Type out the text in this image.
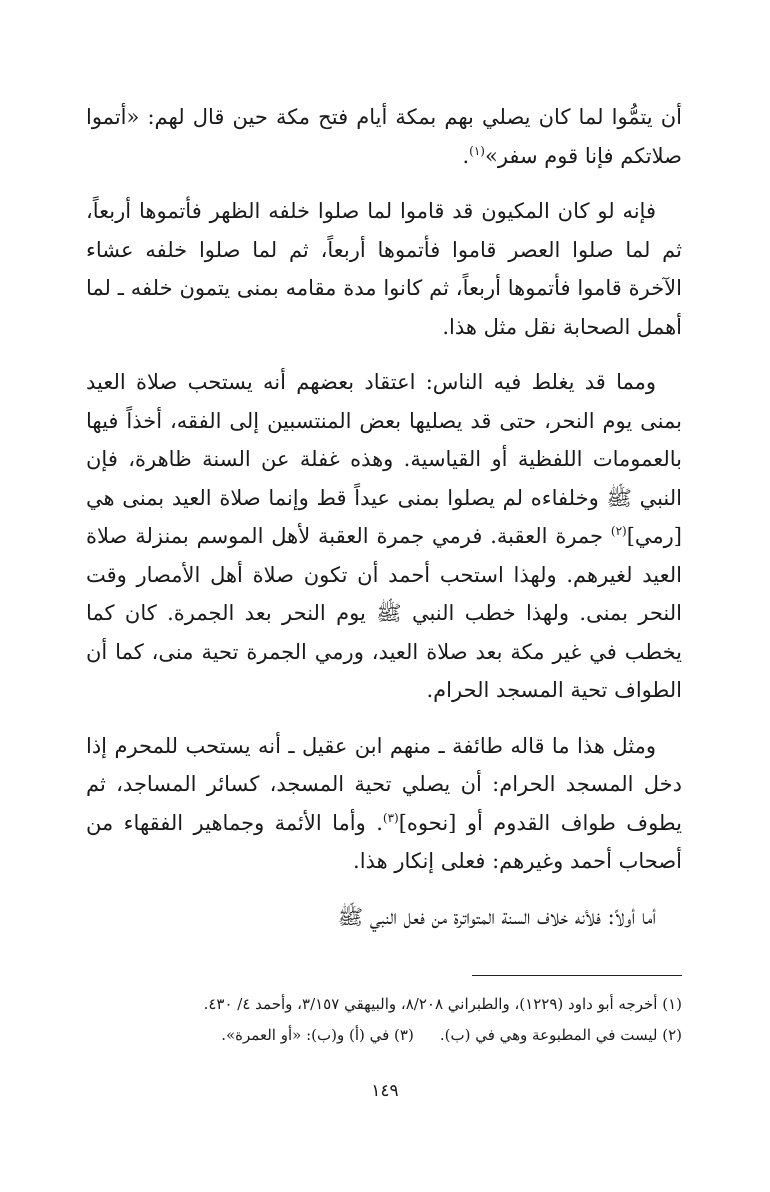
أن يتمُّوا لما كان يصلي بهم بمكة أيام فتح مكة حين قال لهم: «أتموا صلاتكم فإنا قوم سفر»$^{(١)}$.

فإنه لو كان المكيون قد قاموا لما صلوا خلفه الظهر فأتموها أربعاً، ثم لما صلوا العصر قاموا فأتموها أربعاً، ثم لما صلوا خلفه عشاء الآخرة قاموا فأتموها أربعاً، ثم كانوا مدة مقامه بمنى يتمون خلفه ـ لما أهمل الصحابة نقل مثل هذا.

ومما قد يغلط فيه الناس: اعتقاد بعضهم أنه يستحب صلاة العيد بمنى يوم النحر، حتى قد يصليها بعض المنتسبين إلى الفقه، أخذاً فيها بالعمومات اللفظية أو القياسية. وهذه غفلة عن السنة ظاهرة، فإن النبي ﷺ وخلفاءه لم يصلوا بمنى عيداً قط وإنما صلاة العيد بمنى هي [رمي]$^{(٢)}$ جمرة العقبة. فرمي جمرة العقبة لأهل الموسم بمنزلة صلاة العيد لغيرهم. ولهذا استحب أحمد أن تكون صلاة أهل الأمصار وقت النحر بمنى. ولهذا خطب النبي ﷺ يوم النحر بعد الجمرة. كان كما يخطب في غير مكة بعد صلاة العيد، ورمي الجمرة تحية منى، كما أن الطواف تحية المسجد الحرام.

ومثل هذا ما قاله طائفة ـ منهم ابن عقيل ـ أنه يستحب للمحرم إذا دخل المسجد الحرام: أن يصلي تحية المسجد، كسائر المساجد، ثم يطوف طواف القدوم أو [نحوه]$^{(٣)}$. وأما الأئمة وجماهير الفقهاء من أصحاب أحمد وغيرهم: فعلى إنكار هذا.

أما أولاً: فلأنه خلاف السنة المتواترة من فعل النبي ﷺ

(١) أخرجه أبو داود (١٢٢٩)، والطبراني ٨/٢٠٨، والبيهقي ٣/١٥٧، وأحمد ٤/ ٤٣٠.

(٢) ليست في المطبوعة وهي في (ب).(٣) في (أ) و(ب): «أو العمرة».

١٤٩
